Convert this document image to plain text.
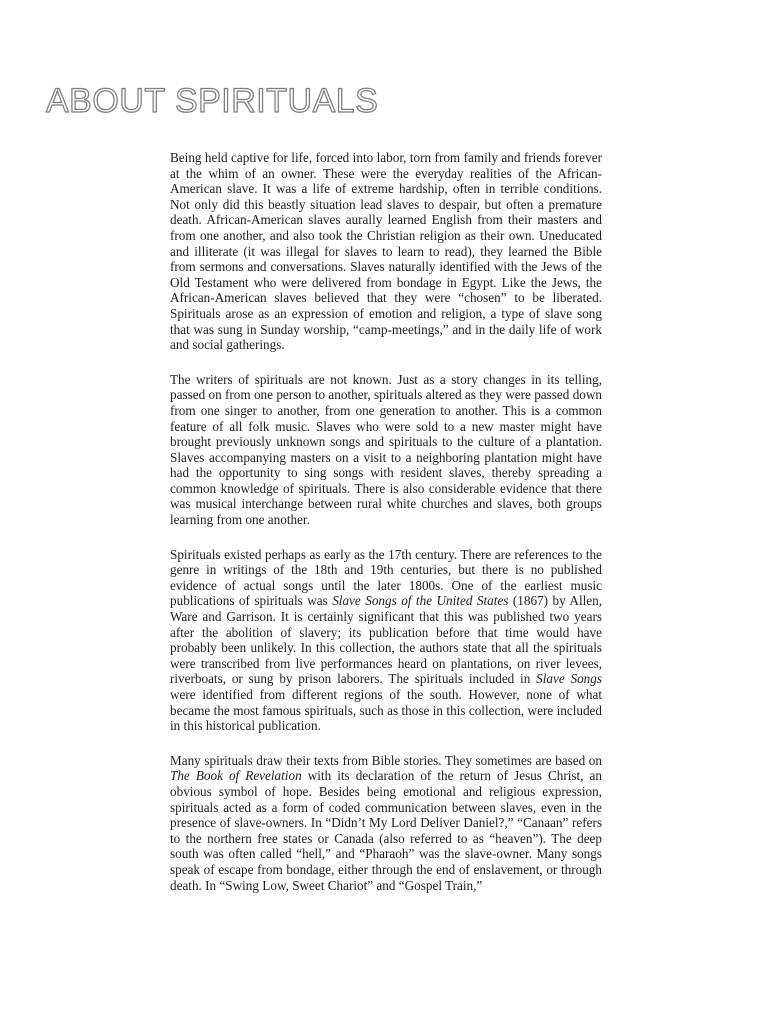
ABOUT SPIRITUALS

Being held captive for life, forced into labor, torn from family and friends forever at the whim of an owner. These were the everyday realities of the African-American slave. It was a life of extreme hardship, often in terrible conditions. Not only did this beastly situation lead slaves to despair, but often a premature death. African-American slaves aurally learned English from their masters and from one another, and also took the Christian religion as their own. Uneducated and illiterate (it was illegal for slaves to learn to read), they learned the Bible from sermons and conversations. Slaves naturally identified with the Jews of the Old Testament who were delivered from bondage in Egypt. Like the Jews, the African-American slaves believed that they were “chosen” to be liberated. Spirituals arose as an expression of emotion and religion, a type of slave song that was sung in Sunday worship, “camp-meetings,” and in the daily life of work and social gatherings.

The writers of spirituals are not known. Just as a story changes in its telling, passed on from one person to another, spirituals altered as they were passed down from one singer to another, from one generation to another. This is a common feature of all folk music. Slaves who were sold to a new master might have brought previously unknown songs and spirituals to the culture of a plantation. Slaves accompanying masters on a visit to a neighboring plantation might have had the opportunity to sing songs with resident slaves, thereby spreading a common knowledge of spirituals. There is also considerable evidence that there was musical interchange between rural white churches and slaves, both groups learning from one another.

Spirituals existed perhaps as early as the 17th century. There are references to the genre in writings of the 18th and 19th centuries, but there is no published evidence of actual songs until the later 1800s. One of the earliest music publications of spirituals was Slave Songs of the United States (1867) by Allen, Ware and Garrison. It is certainly significant that this was published two years after the abolition of slavery; its publication before that time would have probably been unlikely. In this collection, the authors state that all the spirituals were transcribed from live performances heard on plantations, on river levees, riverboats, or sung by prison laborers. The spirituals included in Slave Songs were identified from different regions of the south. However, none of what became the most famous spirituals, such as those in this collection, were included in this historical publication.

Many spirituals draw their texts from Bible stories. They sometimes are based on The Book of Revelation with its declaration of the return of Jesus Christ, an obvious symbol of hope. Besides being emotional and religious expression, spirituals acted as a form of coded communication between slaves, even in the presence of slave-owners. In “Didn’t My Lord Deliver Daniel?,” “Canaan” refers to the northern free states or Canada (also referred to as “heaven”). The deep south was often called “hell,” and “Pharaoh” was the slave-owner. Many songs speak of escape from bondage, either through the end of enslavement, or through death. In “Swing Low, Sweet Chariot” and “Gospel Train,”
